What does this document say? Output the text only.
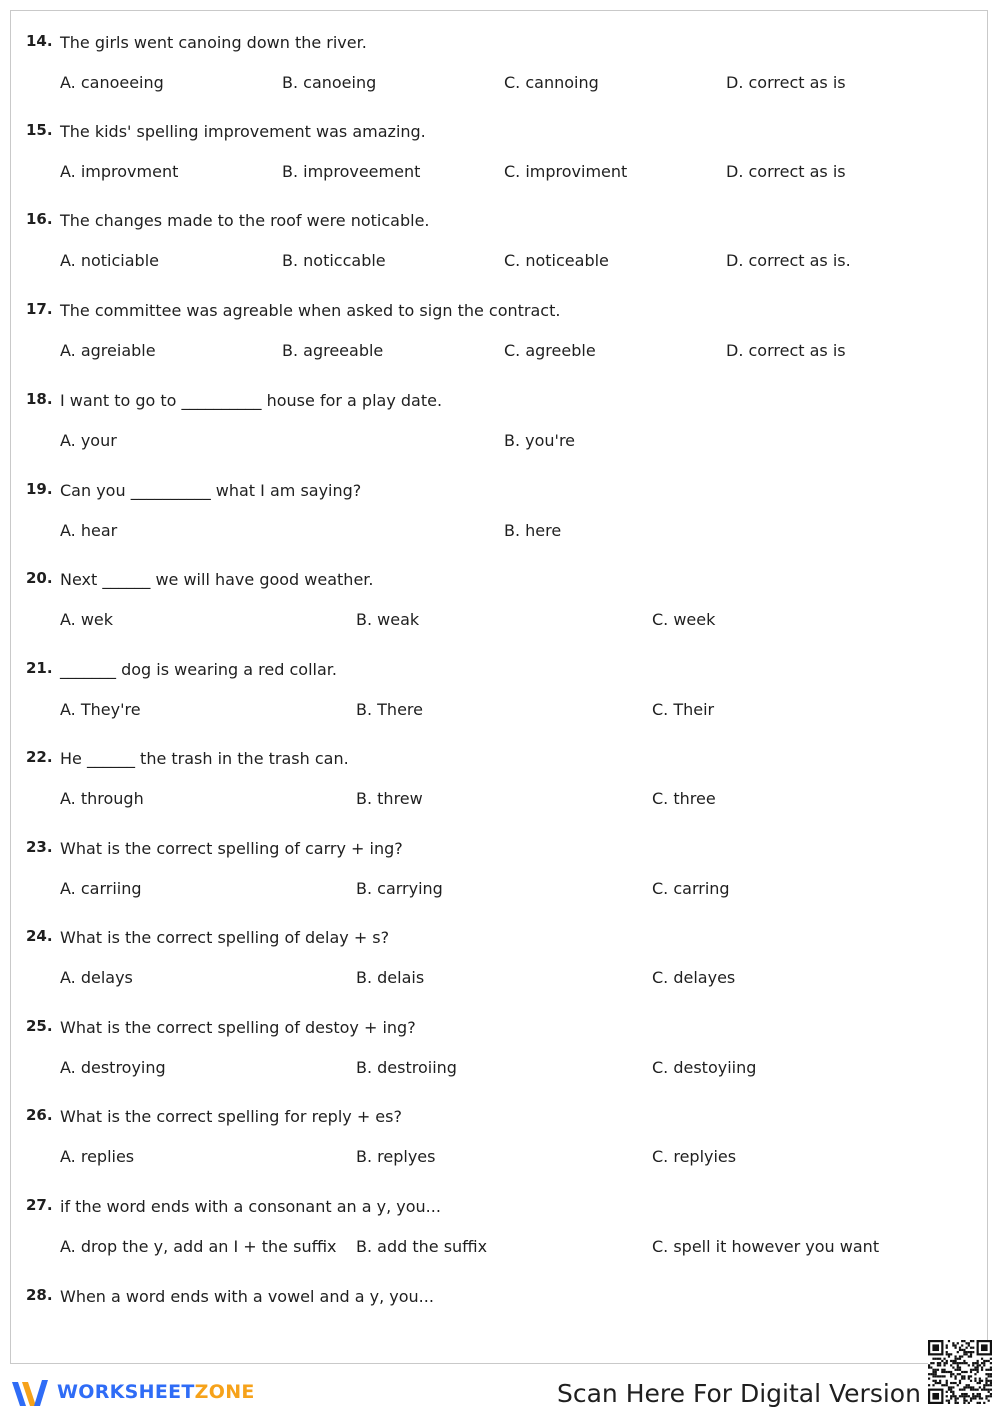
WORKSHEETZONE	Scan Here For Digital Version
14. The girls went canoing down the river.
A. canoeeing	B. canoeing	C. cannoing	D. correct as is
15. The kids' spelling improvement was amazing.
A. improvment	B. improveement	C. improviment	D. correct as is
16. The changes made to the roof were noticable.
A. noticiable	B. noticcable	C. noticeable	D. correct as is.
17. The committee was agreable when asked to sign the contract.
A. agreiable	B. agreeable	C. agreeble	D. correct as is
18. I want to go to __________ house for a play date.
A. your	B. you're
19. Can you __________ what I am saying?
A. hear	B. here
20. Next ______ we will have good weather.
A. wek	B. weak	C. week
21. _______ dog is wearing a red collar.
A. They're	B. There	C. Their
22. He ______ the trash in the trash can.
A. through	B. threw	C. three
23. What is the correct spelling of carry + ing?
A. carriing	B. carrying	C. carring
24. What is the correct spelling of delay + s?
A. delays	B. delais	C. delayes
25. What is the correct spelling of destoy + ing?
A. destroying	B. destroiing	C. destoyiing
26. What is the correct spelling for reply + es?
A. replies	B. replyes	C. replyies
27. if the word ends with a consonant an a y, you...
A. drop the y, add an I + the suffix B. add the suffix	C. spell it however you want
28. When a word ends with a vowel and a y, you...
